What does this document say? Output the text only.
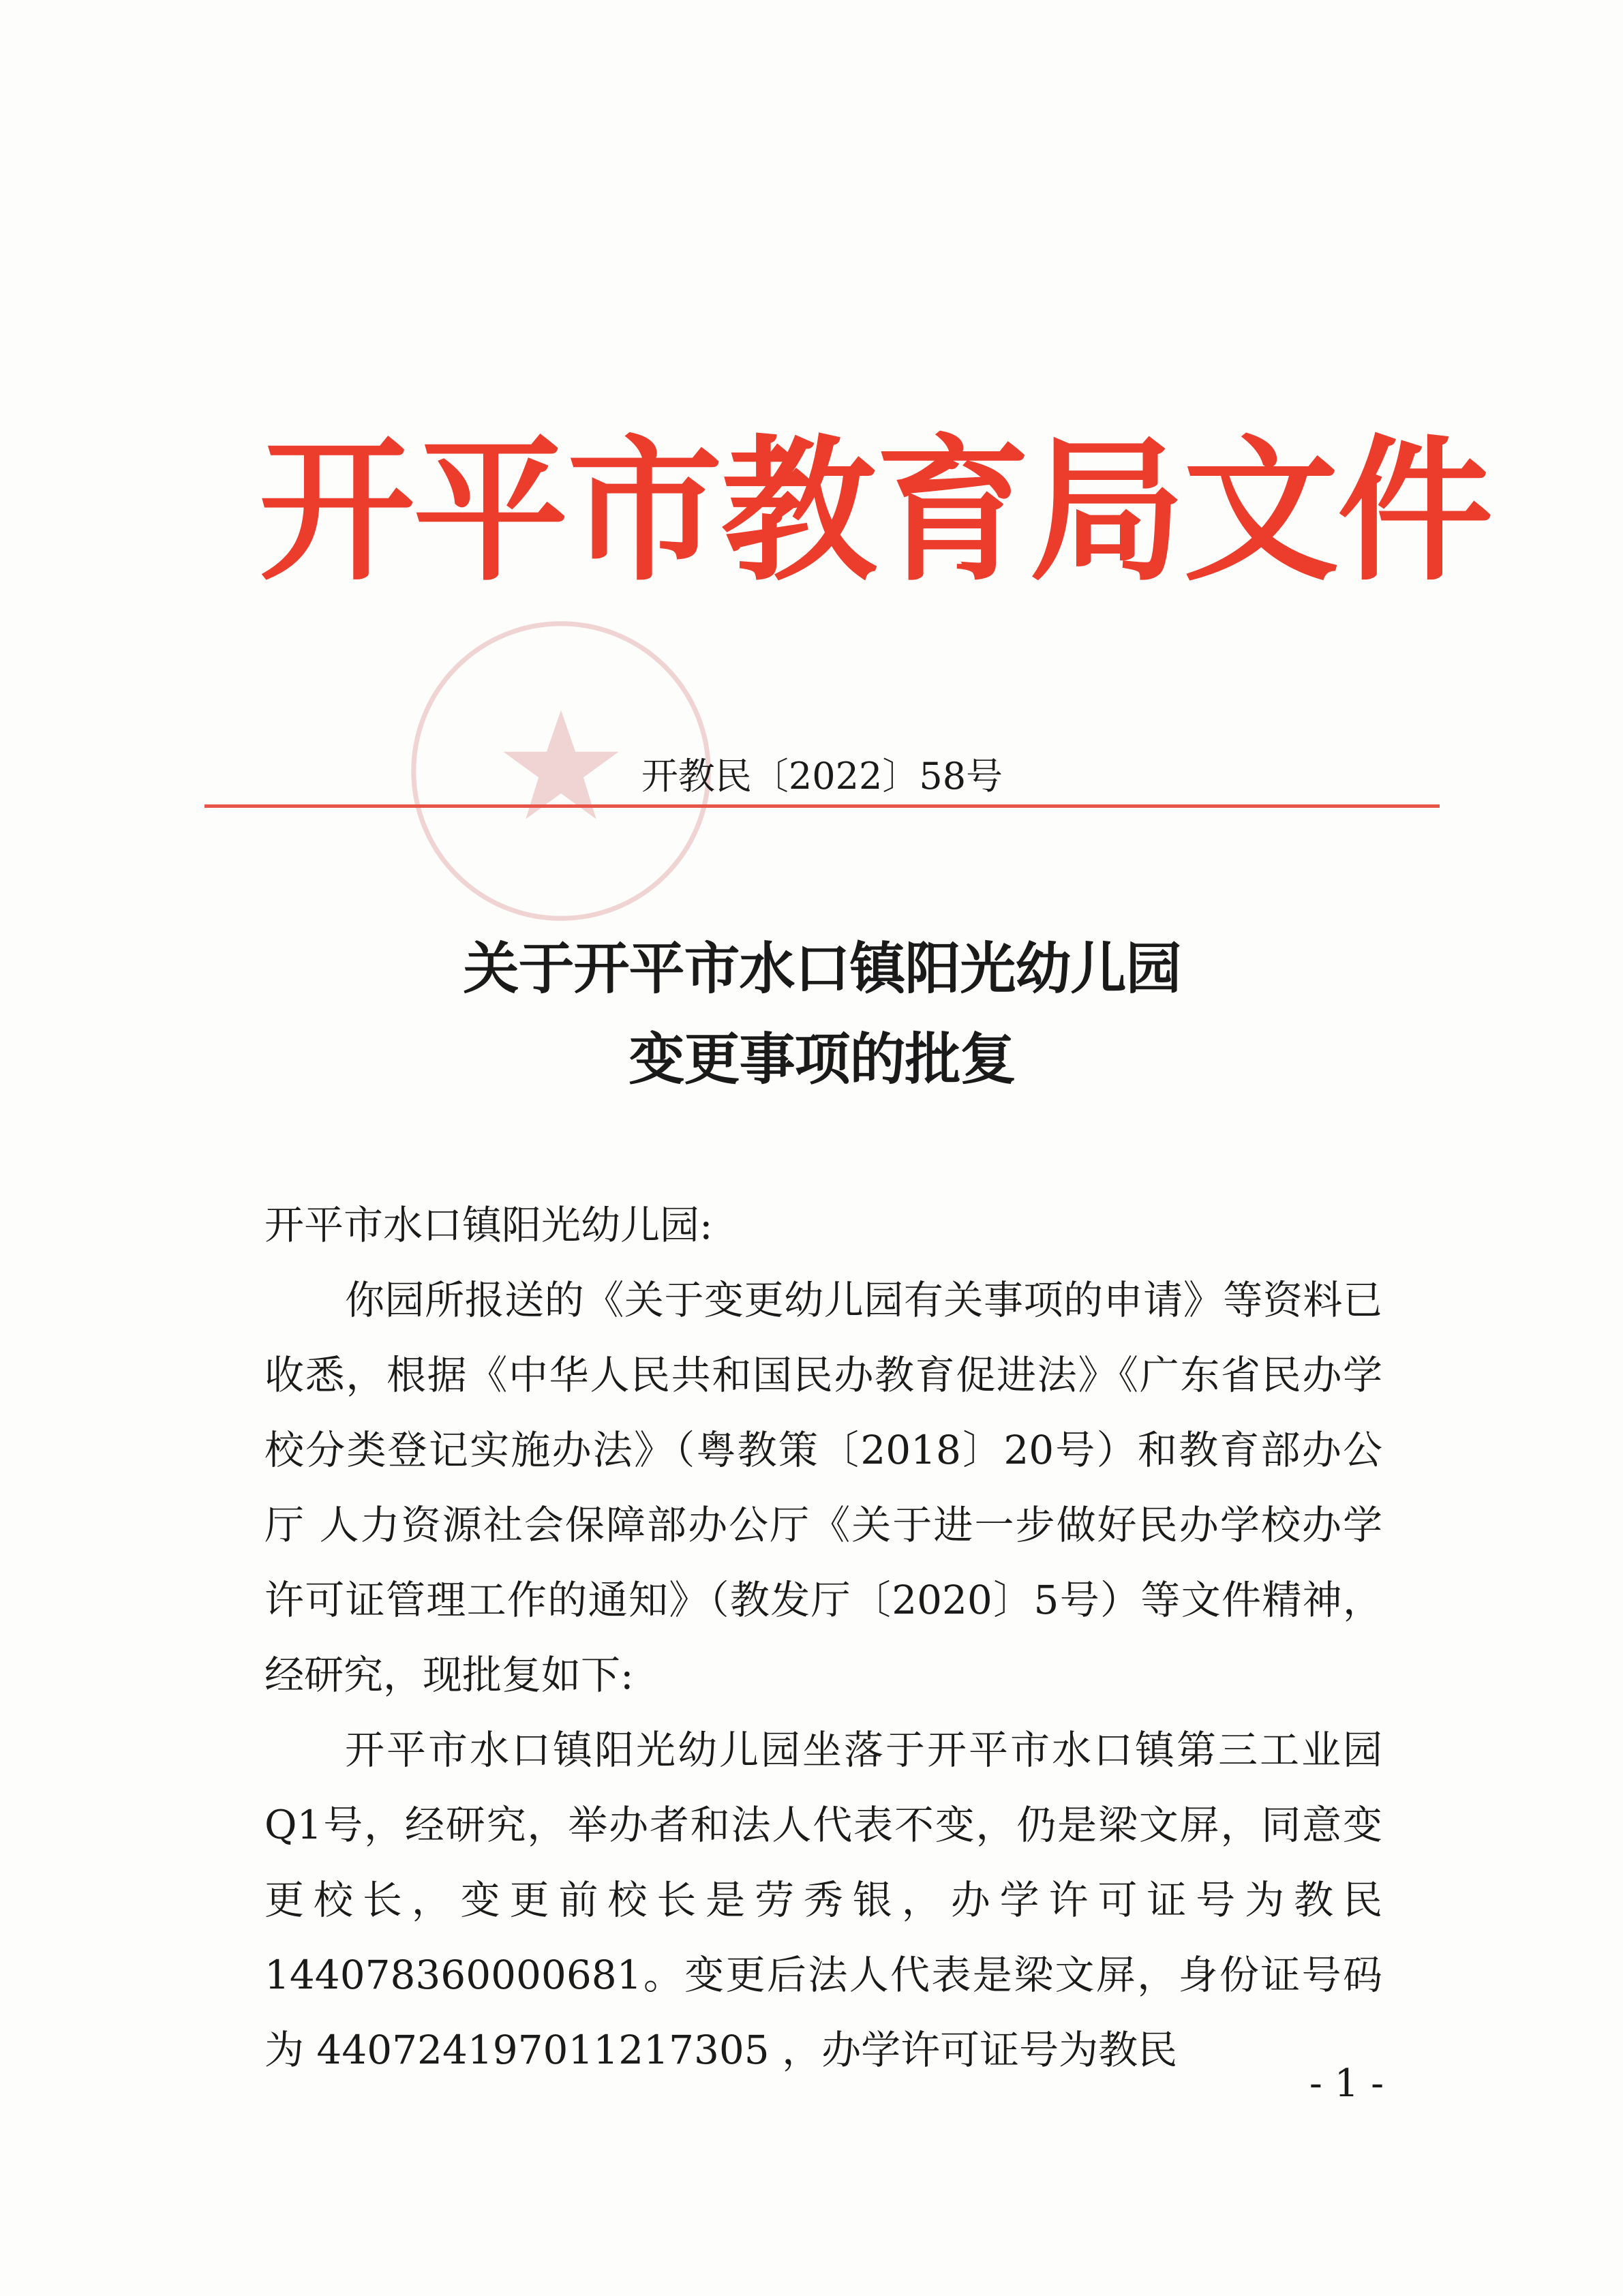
开平市教育局文件
开教民〔2022〕58号
关于开平市水口镇阳光幼儿园
变更事项的批复
开平市水口镇阳光幼儿园:
你园所报送的《关于变更幼儿园有关事项的申请》等资料已收悉，根据《中华人民共和国民办教育促进法》《广东省民办学校分类登记实施办法》（粤教策〔2018〕20号）和教育部办公厅 人力资源社会保障部办公厅《关于进一步做好民办学校办学许可证管理工作的通知》（教发厅〔2020〕5号）等文件精神，经研究，现批复如下:
开平市水口镇阳光幼儿园坐落于开平市水口镇第三工业园Q1号，经研究，举办者和法人代表不变，仍是梁文屏，同意变更校长，变更前校长是劳秀银，办学许可证号为教民144078360000681。变更后法人代表是梁文屏，身份证号码为 440724197011217305 ，办学许可证号为教民
- 1 -
